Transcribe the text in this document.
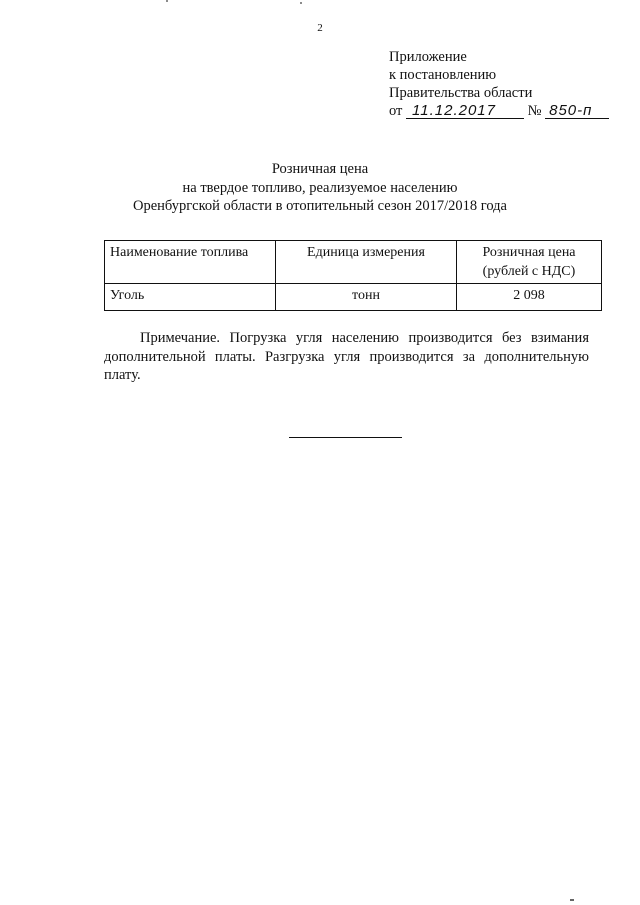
2
Приложение
к постановлению
Правительства области
от 11.12.2017 № 850-п
Розничная цена
на твердое топливо, реализуемое населению
Оренбургской области в отопительный сезон 2017/2018 года
Наименование топлива	Единица измерения	Розничная цена
(рублей с НДС)

Уголь	тонн	2 098

Примечание. Погрузка угля населению производится без взимания дополнительной платы. Разгрузка угля производится за дополнительную плату.
